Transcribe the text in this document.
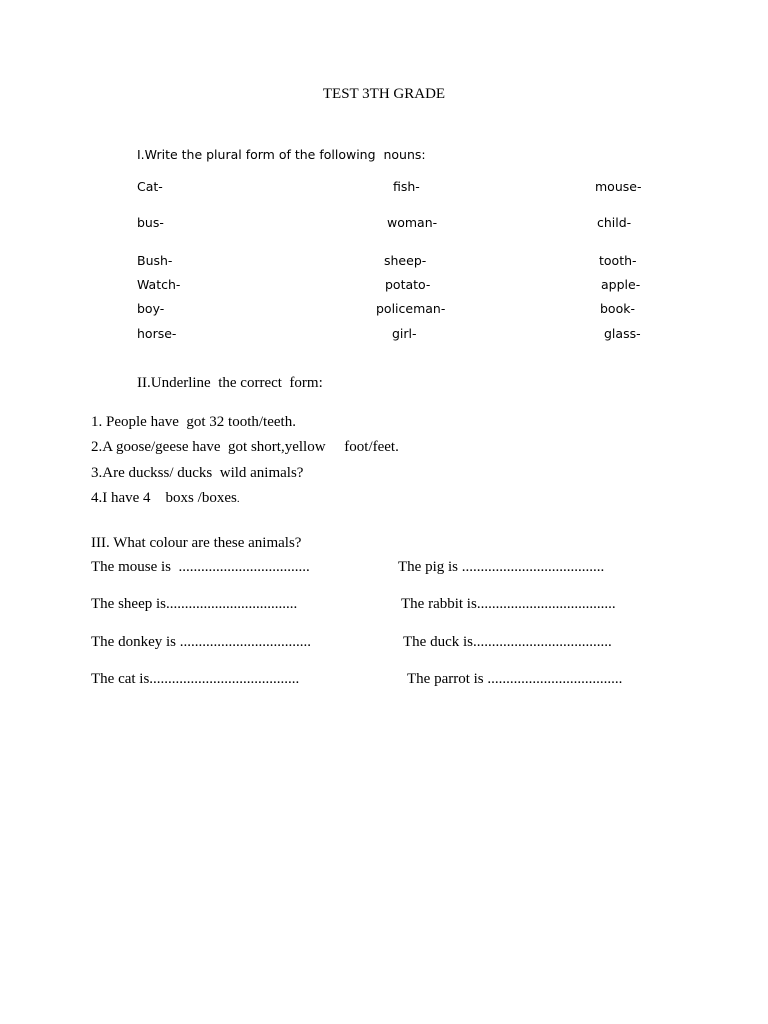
TEST 3TH GRADE
I.Write the plural form of the following  nouns:
Cat-	fish-	mouse-
bus-	woman-	child-
Bush-	sheep-	tooth-
Watch-	potato-	apple-
boy-	policeman-	book-
horse-	girl-	glass-
II.Underline  the correct  form:
1. People have  got 32 tooth/teeth.
2.A goose/geese have  got short,yellow     foot/feet.
3.Are duckss/ ducks  wild animals?
4.I have 4    boxs /boxes.
III. What colour are these animals?
The mouse is  ...................................	The pig is ......................................
The sheep is...................................	The rabbit is.....................................
The donkey is ...................................	The duck is.....................................
The cat is........................................	The parrot is ....................................
